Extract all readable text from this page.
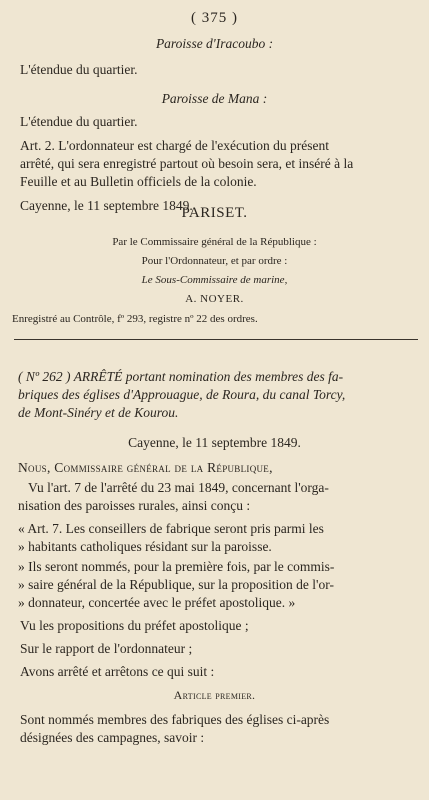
( 375 )
Paroisse d'Iracoubo :
L'étendue du quartier.
Paroisse de Mana :
L'étendue du quartier.
Art. 2. L'ordonnateur est chargé de l'exécution du présent
arrêté, qui sera enregistré partout où besoin sera, et inséré à la
Feuille et au Bulletin officiels de la colonie.
Cayenne, le 11 septembre 1849.
PARISET.
Par le Commissaire général de la République :
Pour l'Ordonnateur, et par ordre :
Le Sous-Commissaire de marine,
A. NOYER.
Enregistré au Contrôle, fº 293, registre nº 22 des ordres.
( Nº 262 ) ARRÊTÉ portant nomination des membres des fa-
briques des églises d'Approuague, de Roura, du canal Torcy,
de Mont-Sinéry et de Kourou.
Cayenne, le 11 septembre 1849.
Nous, Commissaire général de la République,
Vu l'art. 7 de l'arrêté du 23 mai 1849, concernant l'orga-
nisation des paroisses rurales, ainsi conçu :
« Art. 7. Les conseillers de fabrique seront pris parmi les
» habitants catholiques résidant sur la paroisse.
» Ils seront nommés, pour la première fois, par le commis-
» saire général de la République, sur la proposition de l'or-
» donnateur, concertée avec le préfet apostolique. »
Vu les propositions du préfet apostolique ;
Sur le rapport de l'ordonnateur ;
Avons arrêté et arrêtons ce qui suit :
Article premier.
Sont nommés membres des fabriques des églises ci-après
désignées des campagnes, savoir :
